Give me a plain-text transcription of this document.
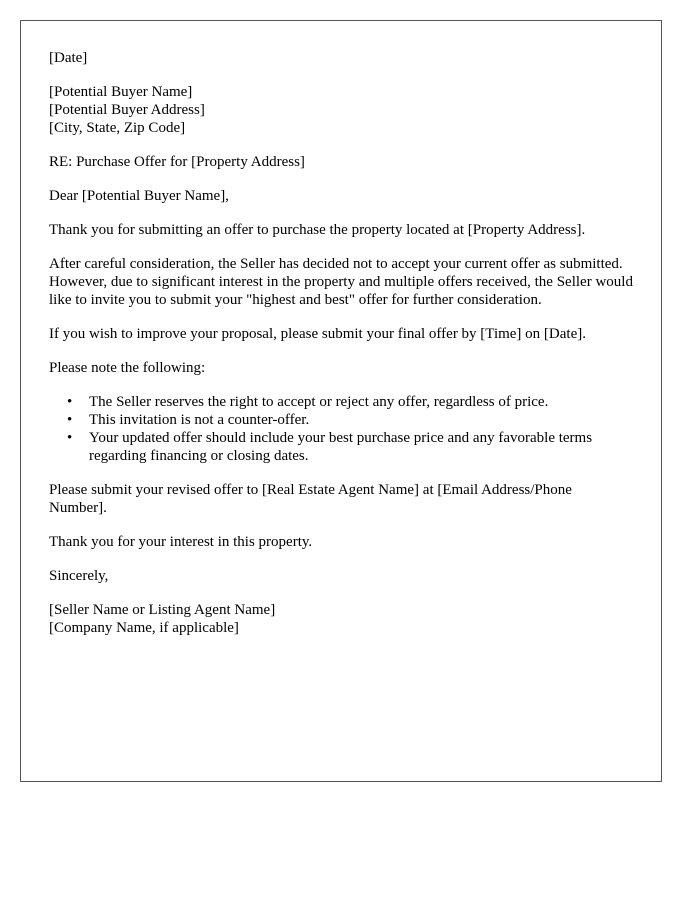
[Date]

[Potential Buyer Name]
[Potential Buyer Address]
[City, State, Zip Code]

RE: Purchase Offer for [Property Address]

Dear [Potential Buyer Name],

Thank you for submitting an offer to purchase the property located at [Property Address].

After careful consideration, the Seller has decided not to accept your current offer as submitted. However, due to significant interest in the property and multiple offers received, the Seller would like to invite you to submit your "highest and best" offer for further consideration.

If you wish to improve your proposal, please submit your final offer by [Time] on [Date].

Please note the following:

• The Seller reserves the right to accept or reject any offer, regardless of price.
• This invitation is not a counter-offer.
• Your updated offer should include your best purchase price and any favorable terms regarding financing or closing dates.

Please submit your revised offer to [Real Estate Agent Name] at [Email Address/Phone Number].

Thank you for your interest in this property.

Sincerely,

[Seller Name or Listing Agent Name]
[Company Name, if applicable]
